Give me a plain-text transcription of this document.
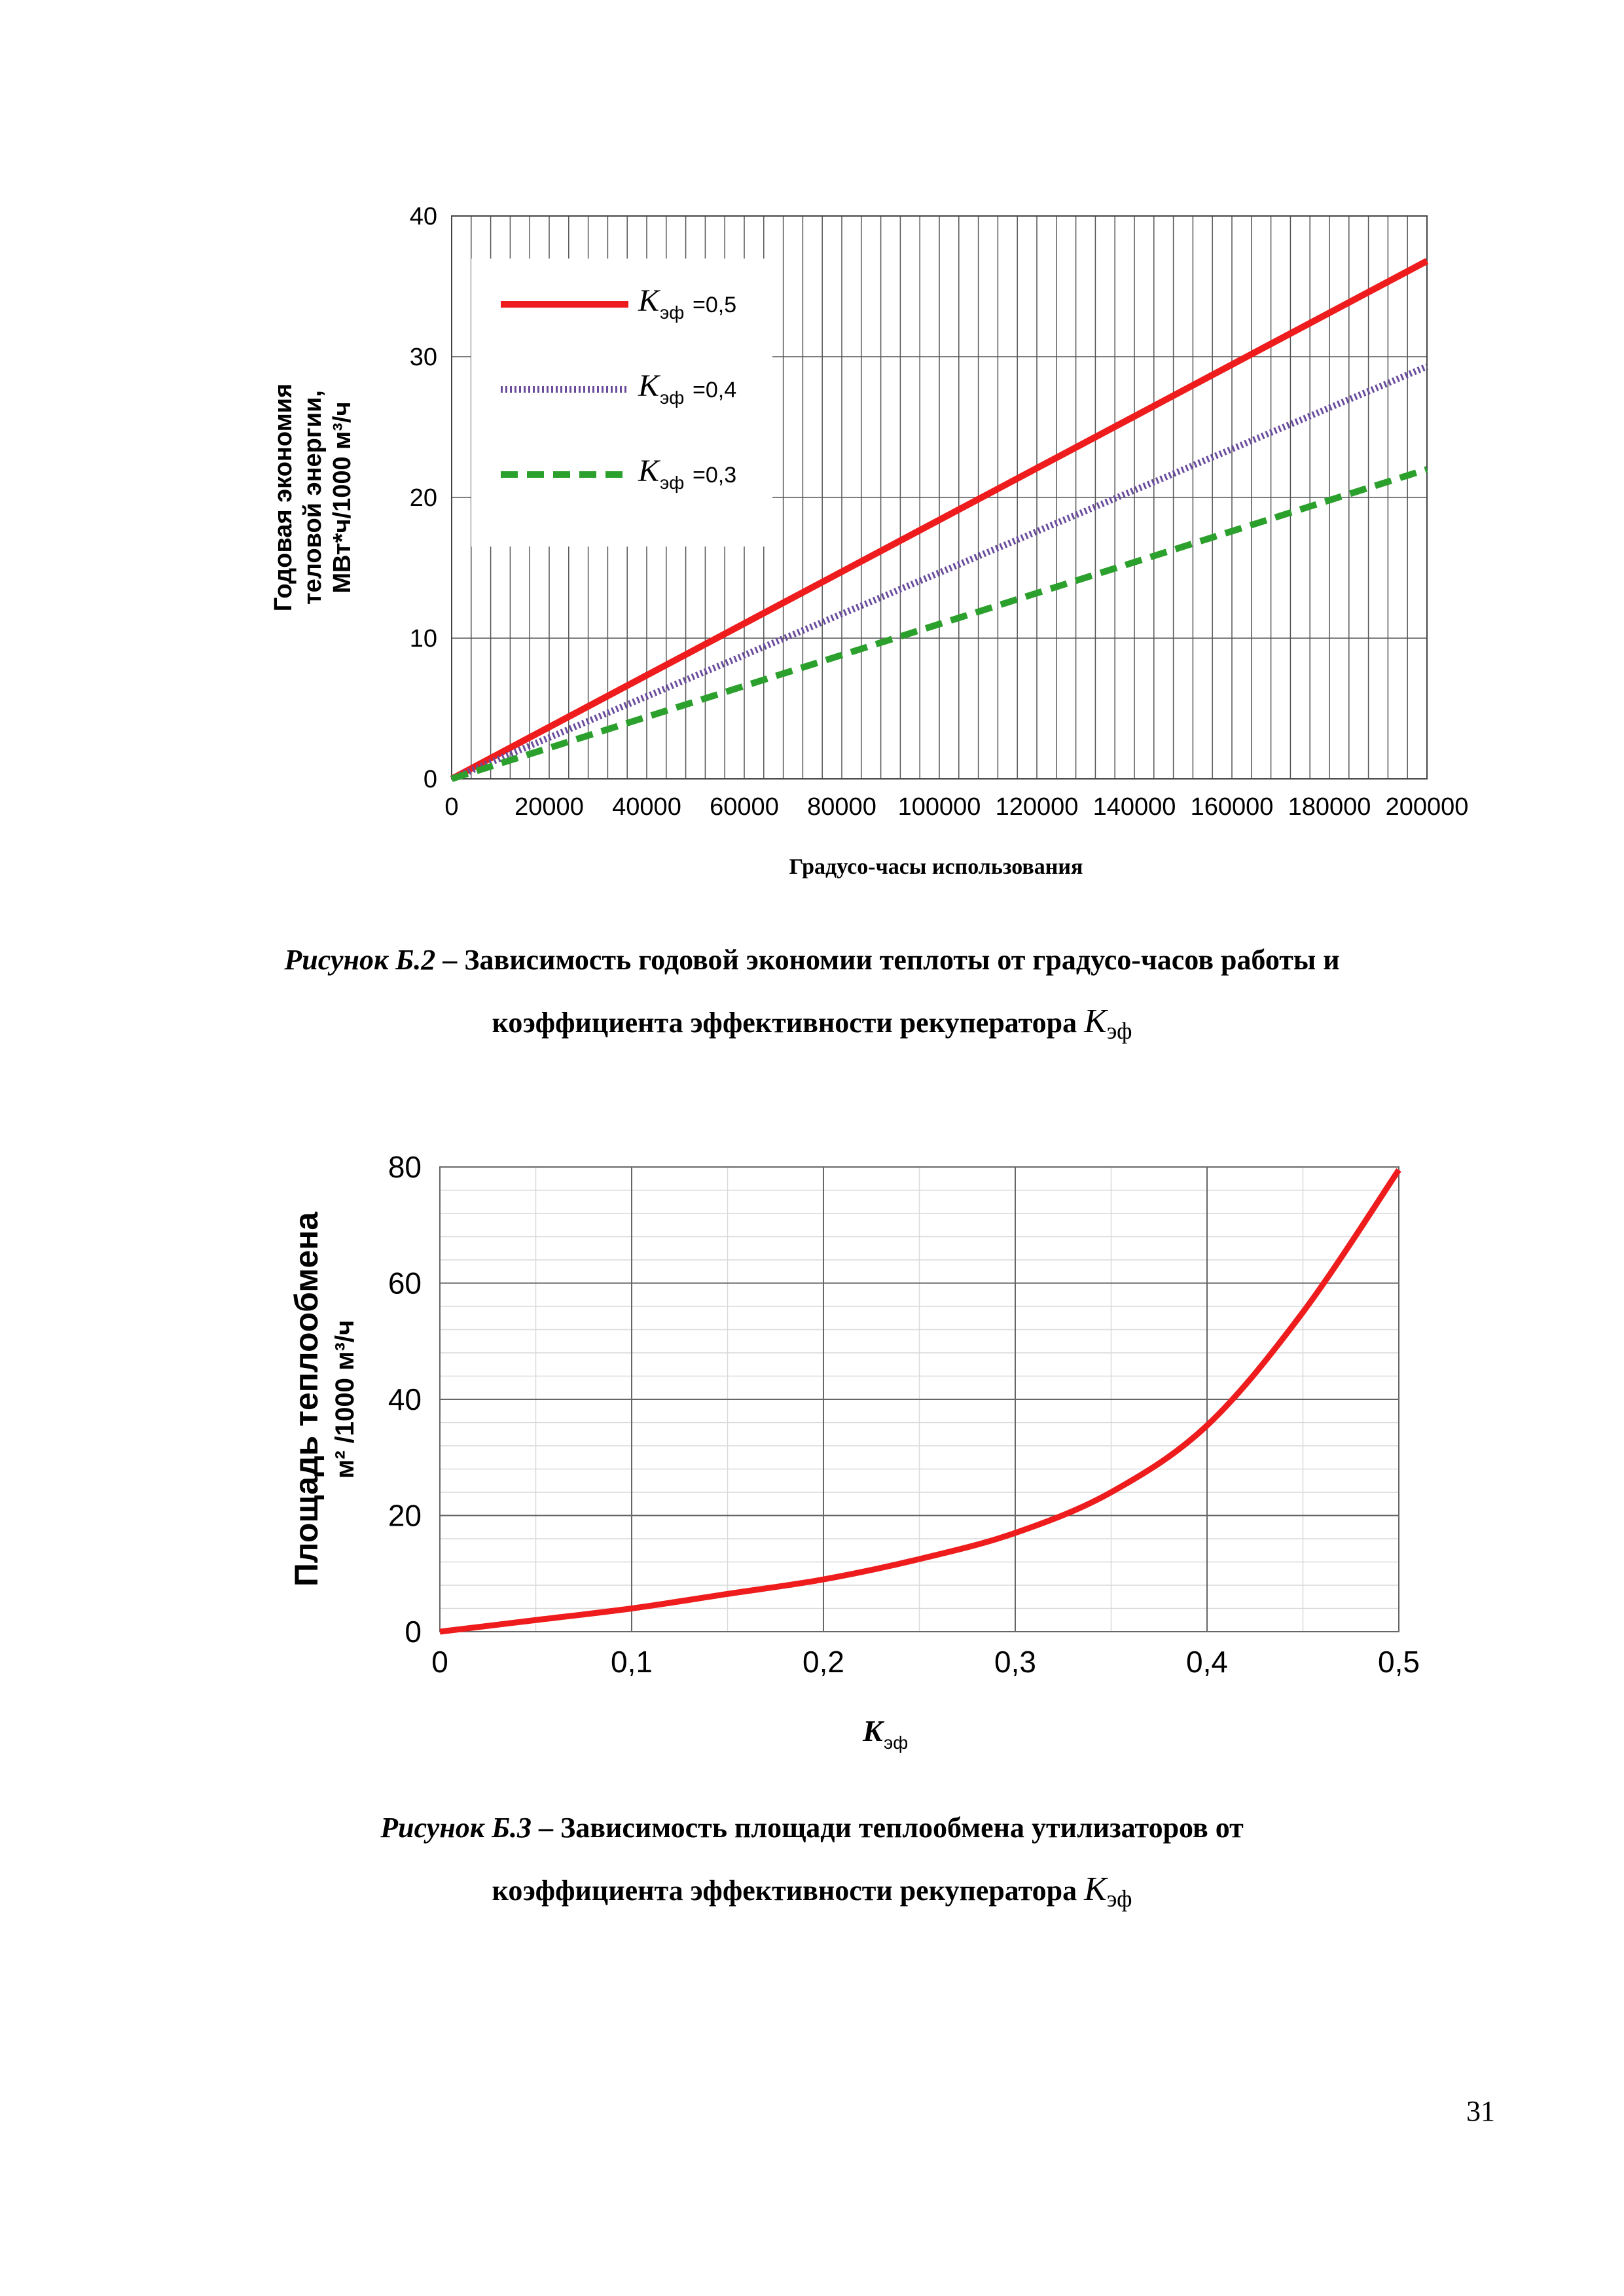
K эф =0,5
K эф =0,4
K эф =0,3
0 20000 40000 60000 80000 100000 120000 140000 160000 180000 200000
0
10
20
30
40
Градусо-часы использования
Годовая экономия теловой энергии, МВт*ч/1000 м³/ч
0	0,1	0,2	0,3	0,4	0,5
0
20
40
60
80
K эф
Площадь теплообмена м² /1000 м³/ч
Рисунок Б.2 – Зависимость годовой экономии теплоты от градусо-часов работы и
коэффициента эффективности рекуператора $K_{эф}$
Рисунок Б.3 – Зависимость площади теплообмена утилизаторов от
коэффициента эффективности рекуператора $K_{эф}$
31
